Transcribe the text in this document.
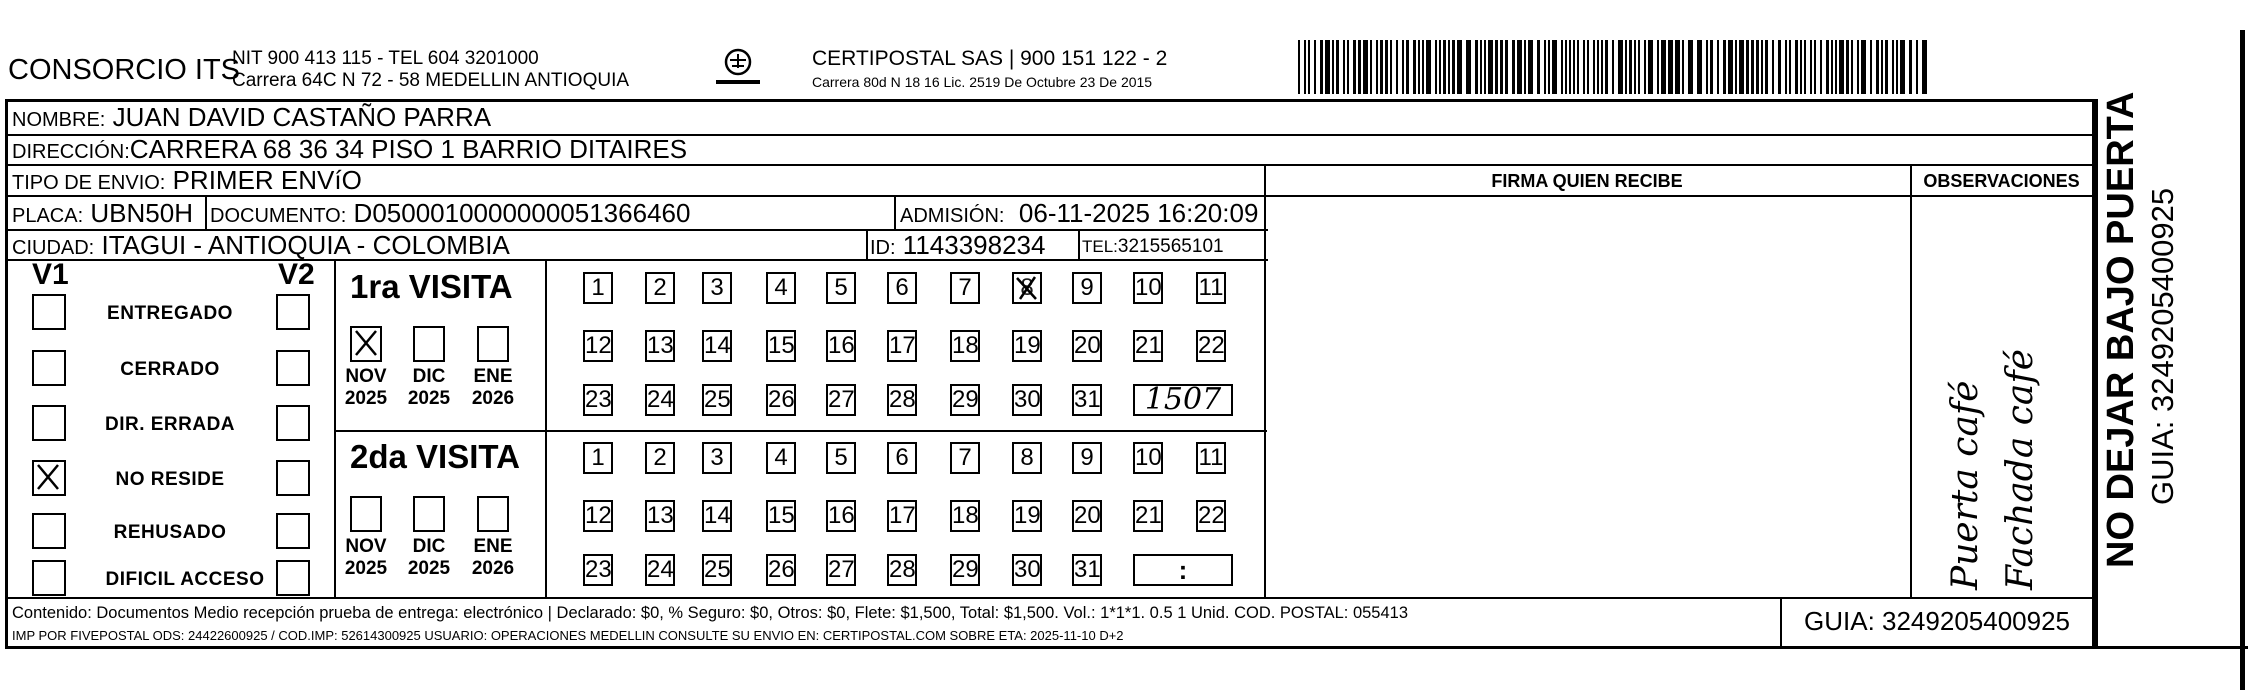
CONSORCIO ITS
NIT 900 413 115 - TEL 604 3201000
Carrera 64C N 72 - 58 MEDELLIN ANTIOQUIA
CERTIPOSTAL SAS | 900 151 122 - 2
Carrera 80d N 18 16 Lic. 2519 De Octubre 23 De 2015
NOMBRE: JUAN DAVID CASTAÑO PARRA
DIRECCIÓN:CARRERA 68 36 34 PISO 1 BARRIO DITAIRES
TIPO DE ENVIO: PRIMER ENVíO
PLACA: UBN50H DOCUMENTO: D0500010000000051366460	ADMISIÓN: 06-11-2025 16:20:09
CIUDAD: ITAGUI - ANTIOQUIA - COLOMBIA	ID: 1143398234 TEL:3215565101
FIRMA QUIEN RECIBE	OBSERVACIONES
V1	V2
Puerta café Fachada café
Contenido: Documentos Medio recepción prueba de entrega: electrónico | Declarado: $0, % Seguro: $0, Otros: $0, Flete: $1,500, Total: $1,500. Vol.: 1*1*1. 0.5 1 Unid. COD. POSTAL: 055413
IMP POR FIVEPOSTAL ODS: 24422600925 / COD.IMP: 52614300925 USUARIO: OPERACIONES MEDELLIN CONSULTE SU ENVIO EN: CERTIPOSTAL.COM SOBRE ETA: 2025-11-10 D+2	GUIA: 3249205400925
NO DEJAR BAJO PUERTA GUIA: 3249205400925
ENTREGADO
CERRADO
DIR. ERRADA
NO RESIDE
REHUSADO
DIFICIL ACCESO
1ra VISITA
NOV
2025
DIC
2025
ENE
2026
1	2	3	4	5	6	7	8	9	10 11
12 13 14 15 16 17 18 19 20 21 22
23 24 25 26 27 28 29 30 31	1507
2da VISITA
NOV
2025
DIC
2025
ENE
2026
1	2	3	4	5	6	7	8	9	10 11
12 13 14 15 16 17 18 19 20 21 22
23 24 25 26 27 28 29 30 31	:
